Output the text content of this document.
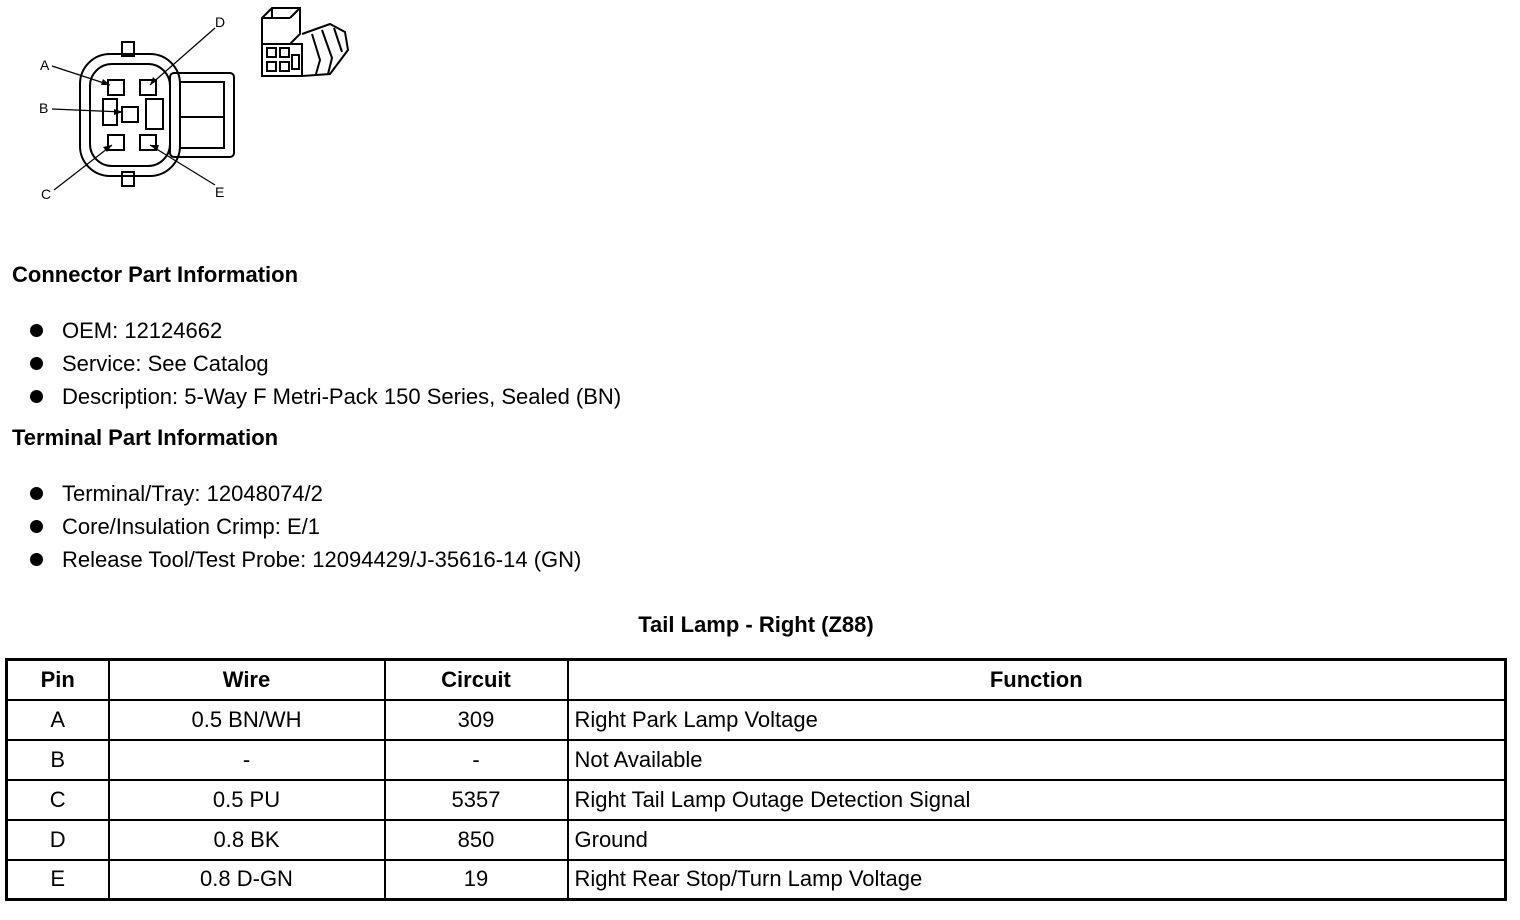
A
B
C
D
E
Connector Part Information
OEM: 12124662
Service: See Catalog
Description: 5-Way F Metri-Pack 150 Series, Sealed (BN)
Terminal Part Information
Terminal/Tray: 12048074/2
Core/Insulation Crimp: E/1
Release Tool/Test Probe: 12094429/J-35616-14 (GN)
Tail Lamp - Right (Z88)
Pin	Wire	Circuit	Function
A	0.5 BN/WH	309	Right Park Lamp Voltage
B	-	-	Not Available
C	0.5 PU	5357	Right Tail Lamp Outage Detection Signal
D	0.8 BK	850	Ground
E	0.8 D-GN	19	Right Rear Stop/Turn Lamp Voltage
